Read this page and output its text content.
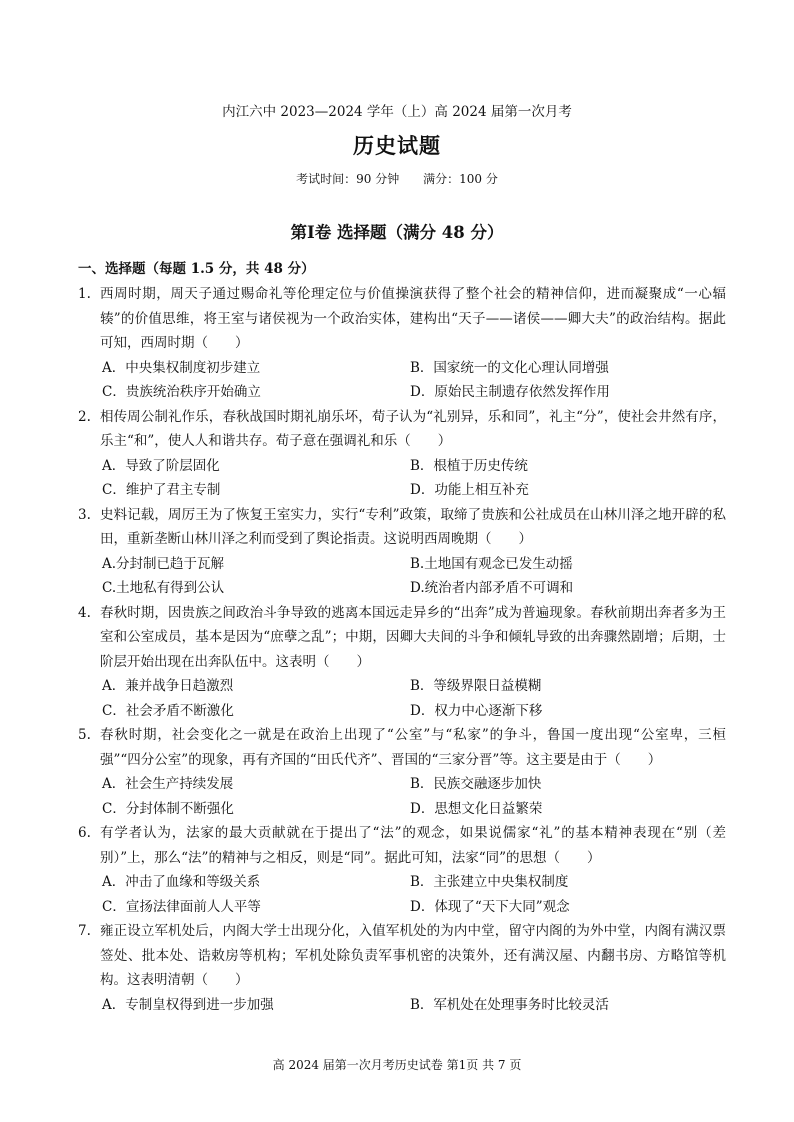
内江六中 2023—2024 学年（上）高 2024 届第一次月考
历史试题
考试时间：90 分钟 满分：100 分
第Ⅰ卷 选择题（满分 48 分）
一、选择题（每题 1.5 分，共 48 分）
1. 西周时期，周天子通过赐命礼等伦理定位与价值操演获得了整个社会的精神信仰，进而凝聚成“一心辐辏”的价值思维，将王室与诸侯视为一个政治实体，建构出“天子——诸侯——卿大夫”的政治结构。据此可知，西周时期（　　）
A．中央集权制度初步建立	B．国家统一的文化心理认同增强
C．贵族统治秩序开始确立	D．原始民主制遗存依然发挥作用
2. 相传周公制礼作乐，春秋战国时期礼崩乐坏，荀子认为“礼别异，乐和同”，礼主“分”，使社会井然有序，乐主“和”，使人人和谐共存。荀子意在强调礼和乐（　　）
A．导致了阶层固化	B．根植于历史传统
C．维护了君主专制	D．功能上相互补充
3. 史料记载，周厉王为了恢复王室实力，实行“专利”政策，取缔了贵族和公社成员在山林川泽之地开辟的私田，重新垄断山林川泽之利而受到了舆论指责。这说明西周晚期（　　）
A.分封制已趋于瓦解	B.土地国有观念已发生动摇
C.土地私有得到公认	D.统治者内部矛盾不可调和
4. 春秋时期，因贵族之间政治斗争导致的逃离本国远走异乡的“出奔”成为普遍现象。春秋前期出奔者多为王室和公室成员，基本是因为“庶孽之乱”；中期，因卿大夫间的斗争和倾轧导致的出奔骤然剧增；后期，士阶层开始出现在出奔队伍中。这表明（　　）
A．兼并战争日趋激烈	B．等级界限日益模糊
C．社会矛盾不断激化	D．权力中心逐渐下移
5. 春秋时期，社会变化之一就是在政治上出现了“公室”与“私家”的争斗，鲁国一度出现“公室卑，三桓强”“四分公室”的现象，再有齐国的“田氏代齐”、晋国的“三家分晋”等。这主要是由于（　　）
A．社会生产持续发展	B．民族交融逐步加快
C．分封体制不断强化	D．思想文化日益繁荣
6. 有学者认为，法家的最大贡献就在于提出了“法”的观念，如果说儒家“礼”的基本精神表现在“别（差别）”上，那么“法”的精神与之相反，则是“同”。据此可知，法家“同”的思想（　　）
A．冲击了血缘和等级关系	B．主张建立中央集权制度
C．宣扬法律面前人人平等	D．体现了“天下大同”观念
7. 雍正设立军机处后，内阁大学士出现分化，入值军机处的为内中堂，留守内阁的为外中堂，内阁有满汉票签处、批本处、诰敕房等机构；军机处除负责军事机密的决策外，还有满汉屋、内翻书房、方略馆等机构。这表明清朝（　　）
A．专制皇权得到进一步加强	B．军机处在处理事务时比较灵活
高 2024 届第一次月考历史试卷 第1页 共 7 页
